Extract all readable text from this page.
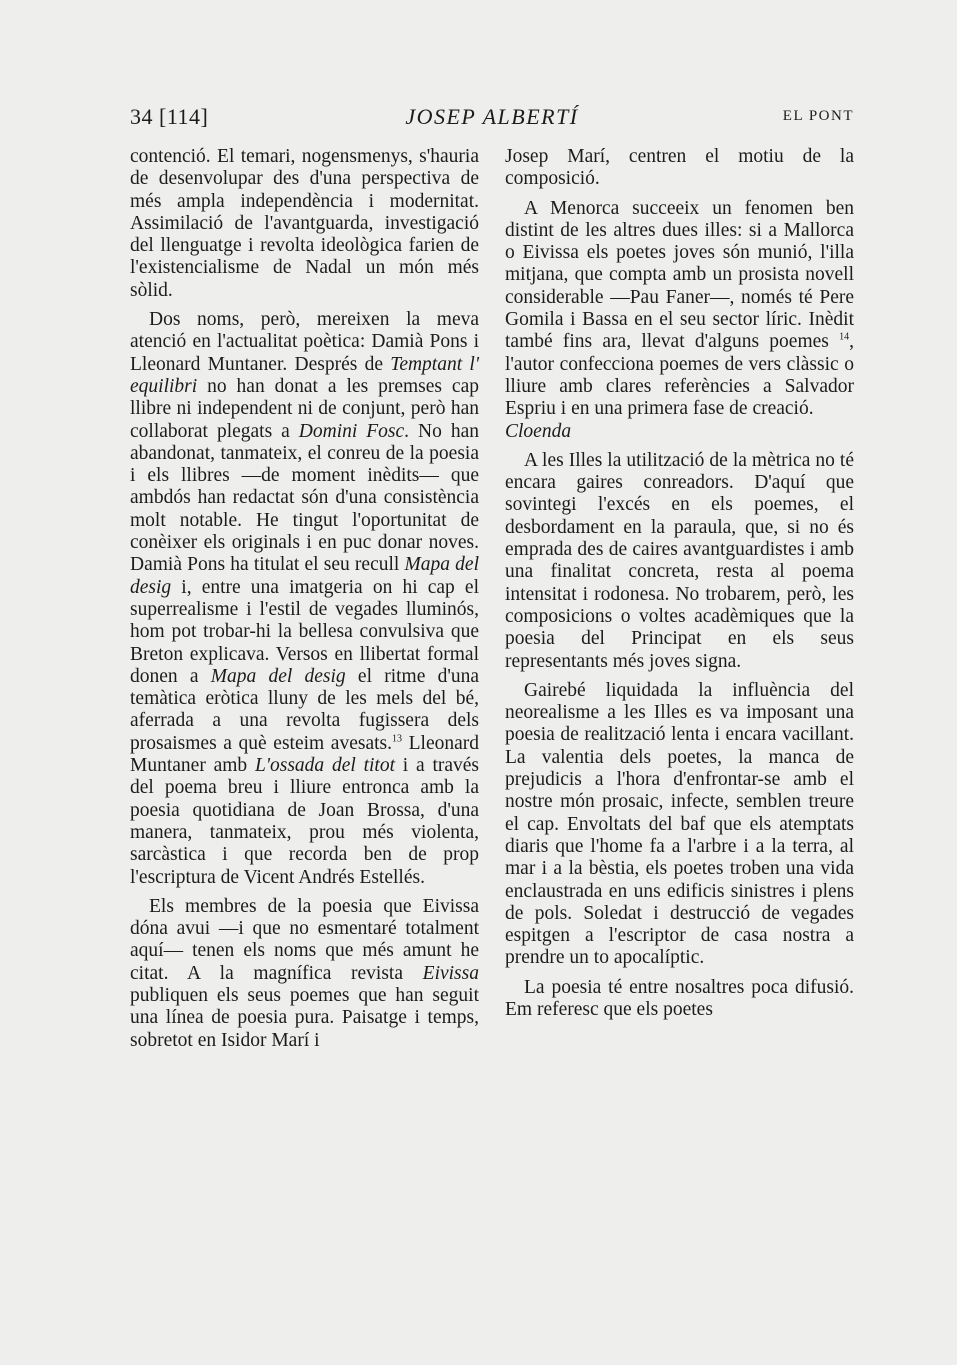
34 [114]	JOSEP ALBERTÍ	EL PONT

contenció. El temari, nogensmenys, s'hauria de desenvolupar des d'una perspectiva de més ampla independència i modernitat. Assimilació de l'avantguarda, investigació del llenguatge i revolta ideològica farien de l'existencialisme de Nadal un món més sòlid.

Dos noms, però, mereixen la meva atenció en l'actualitat poètica: Damià Pons i Lleonard Muntaner. Després de Temptant l' equilibri no han donat a les premses cap llibre ni independent ni de conjunt, però han collaborat plegats a Domini Fosc. No han abandonat, tanmateix, el conreu de la poesia i els llibres —de moment inèdits— que ambdós han redactat són d'una consistència molt notable. He tingut l'oportunitat de conèixer els originals i en puc donar noves. Damià Pons ha titulat el seu recull Mapa del desig i, entre una imatgeria on hi cap el superrealisme i l'estil de vegades lluminós, hom pot trobar-hi la bellesa convulsiva que Breton explicava. Versos en llibertat formal donen a Mapa del desig el ritme d'una temàtica eròtica lluny de les mels del bé, aferrada a una revolta fugissera dels prosaismes a què esteim avesats.$^{13}$ Lleonard Muntaner amb L'ossada del titot i a través del poema breu i lliure entronca amb la poesia quotidiana de Joan Brossa, d'una manera, tanmateix, prou més violenta, sarcàstica i que recorda ben de prop l'escriptura de Vicent Andrés Estellés.

Els membres de la poesia que Eivissa dóna avui —i que no esmentaré totalment aquí— tenen els noms que més amunt he citat. A la magnífica revista Eivissa publiquen els seus poemes que han seguit una línea de poesia pura. Paisatge i temps, sobretot en Isidor Marí i

Josep Marí, centren el motiu de la composició.

A Menorca succeeix un fenomen ben distint de les altres dues illes: si a Mallorca o Eivissa els poetes joves són munió, l'illa mitjana, que compta amb un prosista novell considerable —Pau Faner—, només té Pere Gomila i Bassa en el seu sector líric. Inèdit també fins ara, llevat d'alguns poemes $^{14}$, l'autor confecciona poemes de vers clàssic o lliure amb clares referències a Salvador Espriu i en una primera fase de creació.

Cloenda

A les Illes la utilització de la mètrica no té encara gaires conreadors. D'aquí que sovintegi l'excés en els poemes, el desbordament en la paraula, que, si no és emprada des de caires avantguardistes i amb una finalitat concreta, resta al poema intensitat i rodonesa. No trobarem, però, les composicions o voltes acadèmiques que la poesia del Principat en els seus representants més joves signa.

Gairebé liquidada la influència del neorealisme a les Illes es va imposant una poesia de realització lenta i encara vacillant. La valentia dels poetes, la manca de prejudicis a l'hora d'enfrontar-se amb el nostre món prosaic, infecte, semblen treure el cap. Envoltats del baf que els atemptats diaris que l'home fa a l'arbre i a la terra, al mar i a la bèstia, els poetes troben una vida enclaustrada en uns edificis sinistres i plens de pols. Soledat i destrucció de vegades espitgen a l'escriptor de casa nostra a prendre un to apocalíptic.

La poesia té entre nosaltres poca difusió. Em referesc que els poetes
